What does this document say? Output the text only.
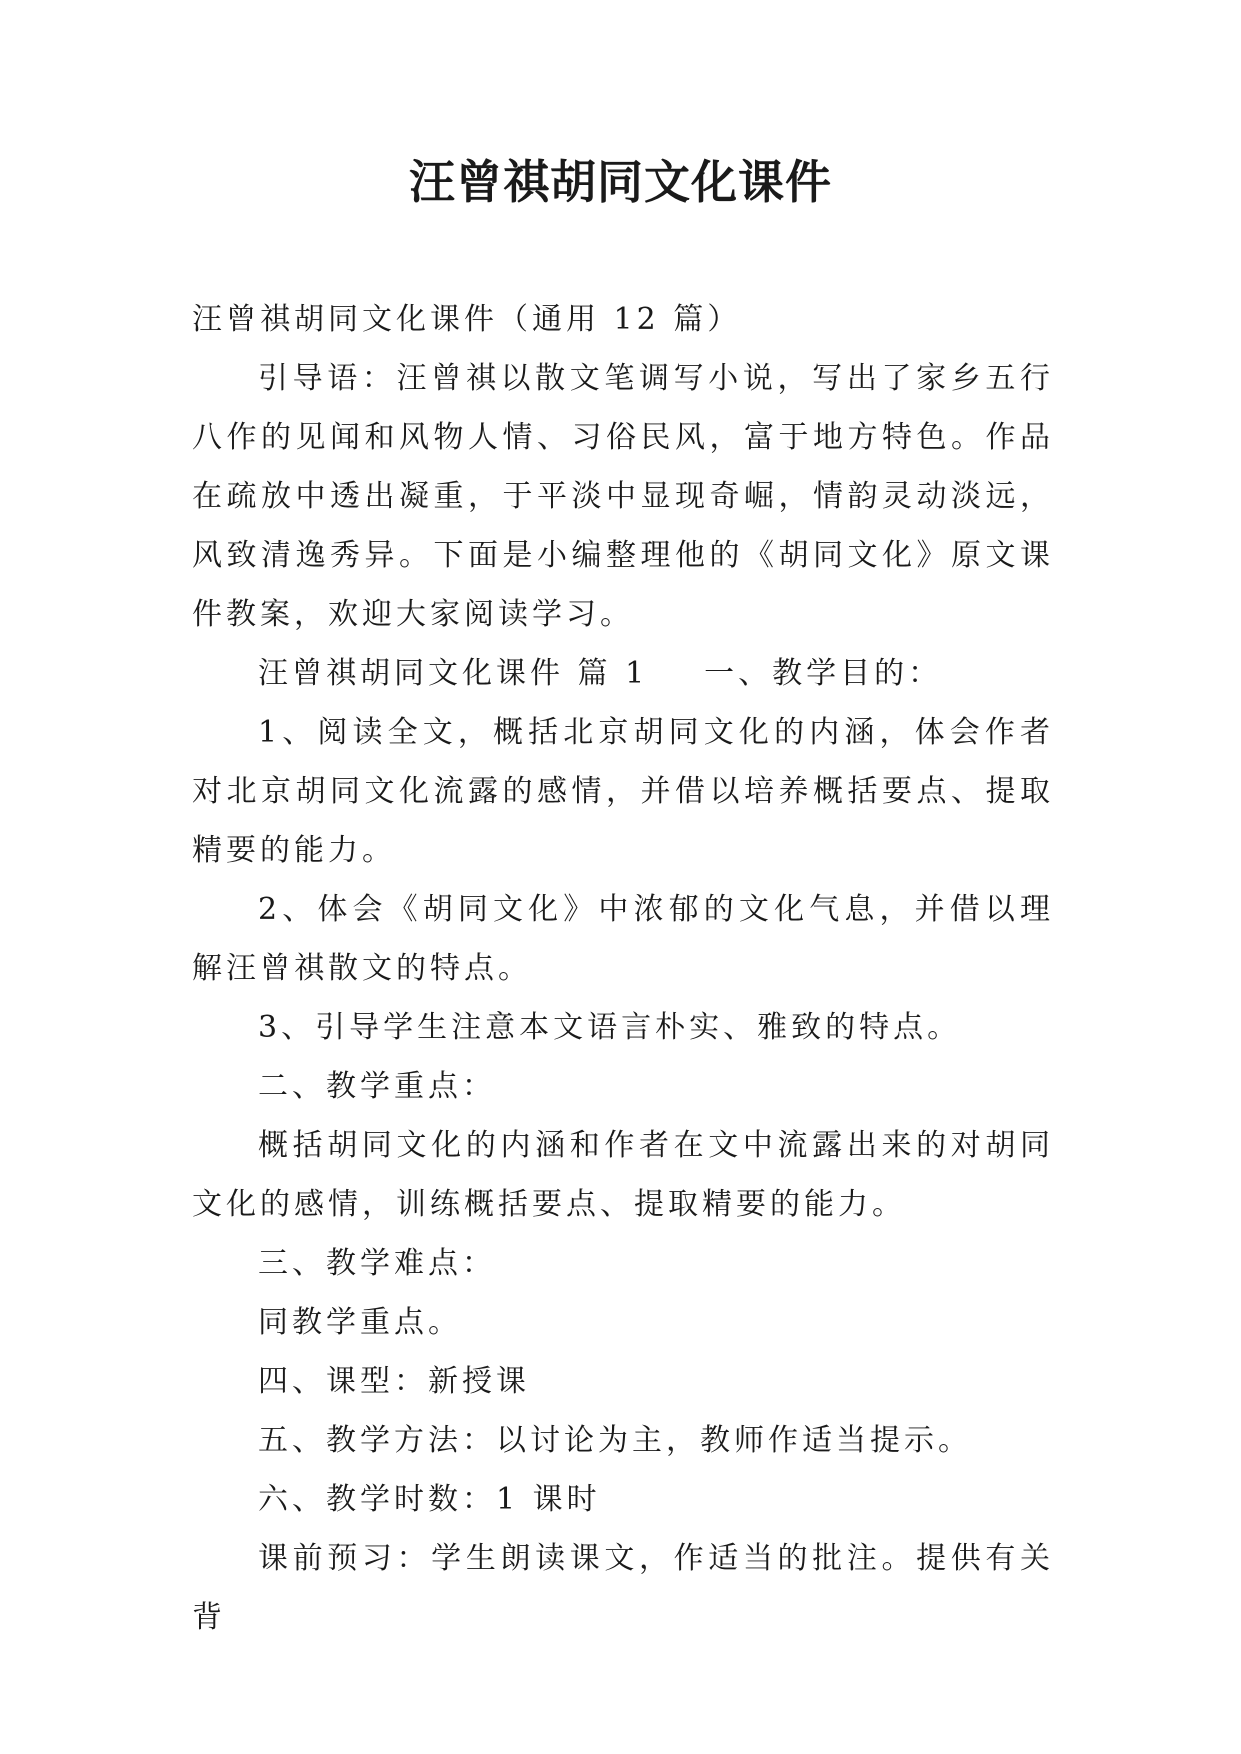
汪曾祺胡同文化课件

汪曾祺胡同文化课件（通用 12 篇）

引导语：汪曾祺以散文笔调写小说，写出了家乡五行八作的见闻和风物人情、习俗民风，富于地方特色。作品在疏放中透出凝重，于平淡中显现奇崛，情韵灵动淡远，风致清逸秀异。下面是小编整理他的《胡同文化》原文课件教案，欢迎大家阅读学习。

汪曾祺胡同文化课件 篇 1 一、教学目的：

1、阅读全文，概括北京胡同文化的内涵，体会作者对北京胡同文化流露的感情，并借以培养概括要点、提取精要的能力。

2、体会《胡同文化》中浓郁的文化气息，并借以理解汪曾祺散文的特点。

3、引导学生注意本文语言朴实、雅致的特点。

二、教学重点：

概括胡同文化的内涵和作者在文中流露出来的对胡同文化的感情，训练概括要点、提取精要的能力。

三、教学难点：

同教学重点。

四、课型：新授课

五、教学方法：以讨论为主，教师作适当提示。

六、教学时数：1 课时

课前预习：学生朗读课文，作适当的批注。提供有关背
